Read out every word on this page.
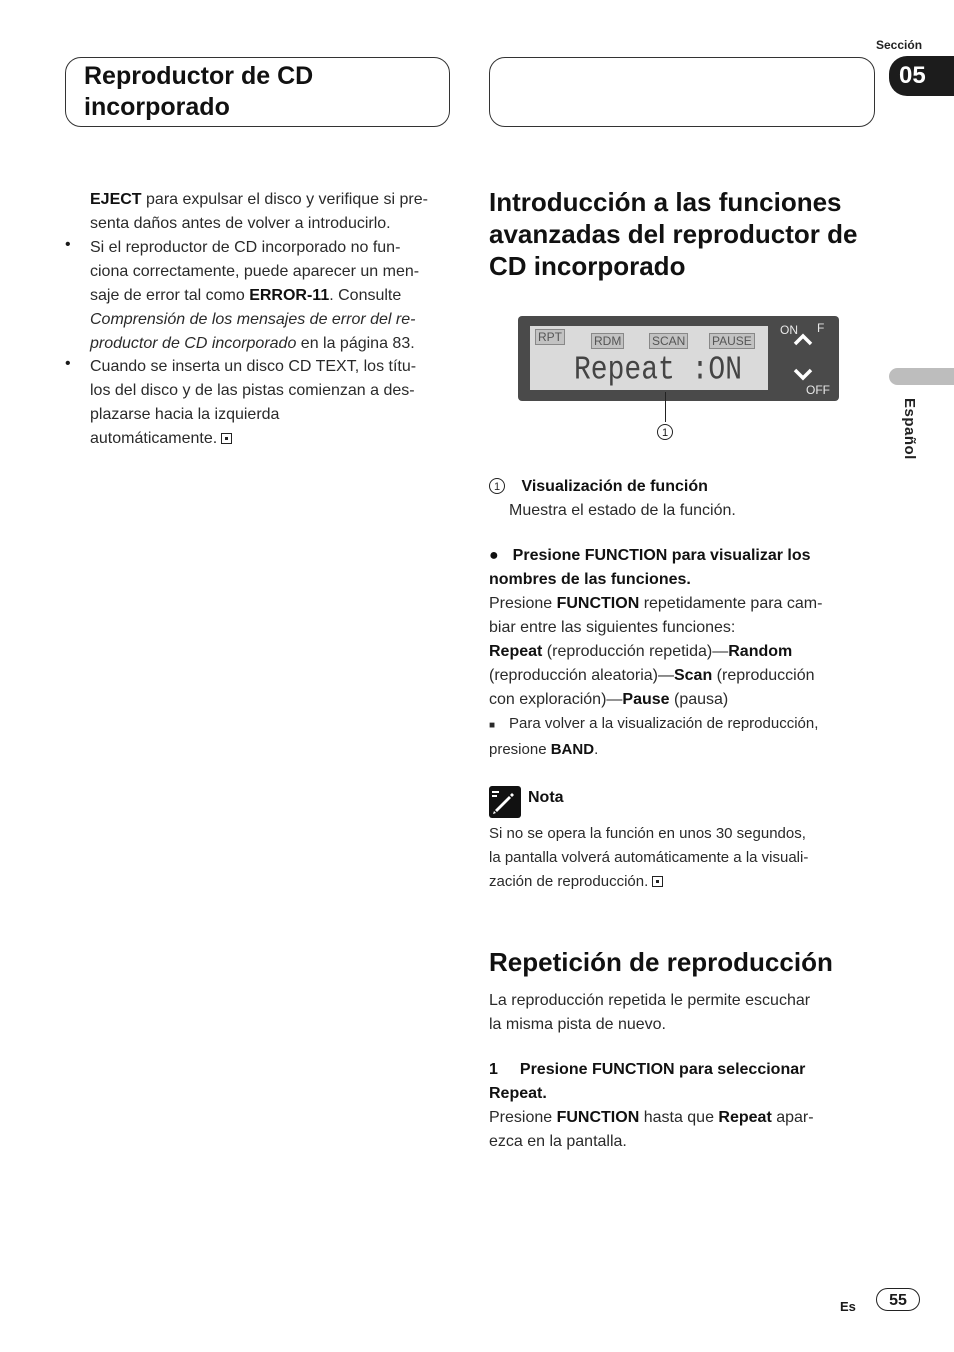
Sección
05
Reproductor de CD
incorporado
Español
EJECT para expulsar el disco y verifique si pre-
senta daños antes de volver a introducirlo.
• Si el reproductor de CD incorporado no fun-
ciona correctamente, puede aparecer un men-
saje de error tal como ERROR-11. Consulte
Comprensión de los mensajes de error del re-
productor de CD incorporado en la página 83.
• Cuando se inserta un disco CD TEXT, los títu-
los del disco y de las pistas comienzan a des-
plazarse hacia la izquierda
automáticamente.
Introducción a las funciones avanzadas del reproductor de CD incorporado
RPT	RDM	SCAN PAUSE
Repeat :ON
ON F
OFF
1
1 Visualización de función
Muestra el estado de la función.
● Presione FUNCTION para visualizar los
nombres de las funciones.
Presione FUNCTION repetidamente para cam-
biar entre las siguientes funciones:
Repeat (reproducción repetida)—Random
(reproducción aleatoria)—Scan (reproducción
con exploración)—Pause (pausa)
■ Para volver a la visualización de reproducción,
presione BAND.
Nota
Si no se opera la función en unos 30 segundos,
la pantalla volverá automáticamente a la visuali-
zación de reproducción.
Repetición de reproducción
La reproducción repetida le permite escuchar
la misma pista de nuevo.
1 Presione FUNCTION para seleccionar
Repeat.
Presione FUNCTION hasta que Repeat apar-
ezca en la pantalla.
Es	55
